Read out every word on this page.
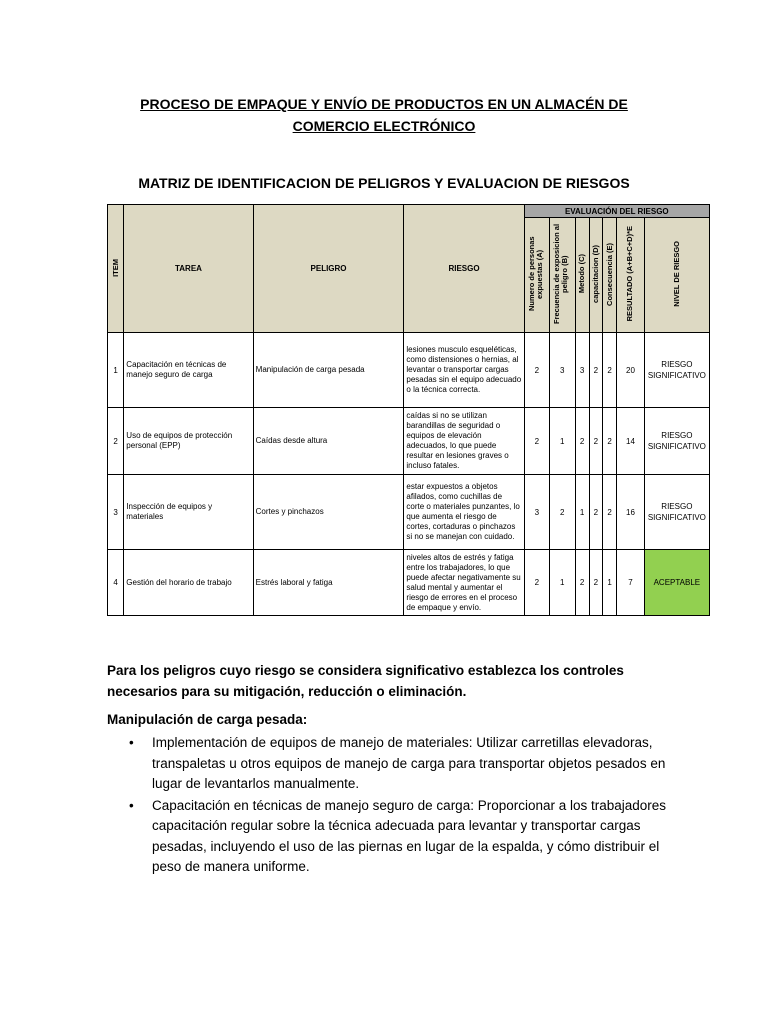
PROCESO DE EMPAQUE Y ENVÍO DE PRODUCTOS EN UN ALMACÉN DE COMERCIO ELECTRÓNICO
MATRIZ DE IDENTIFICACION DE PELIGROS Y EVALUACION DE RIESGOS
ITEM	TAREA	PELIGRO	RIESGO	EVALUACIÓN DEL RIESGO						
				Numero de personas expuestas (A)	Frecuencia de exposicion al peligro (B)	Metodo (C)	capacitacion (D)	Consecuencia (E)	RESULTADO (A+B+C+D)*E	NIVEL DE RIESGO
1	Capacitación en técnicas de manejo seguro de carga	Manipulación de carga pesada	lesiones musculo esqueléticas, como distensiones o hernias, al levantar o transportar cargas pesadas sin el equipo adecuado o la técnica correcta.	2	3	3	2	2	20	RIESGO SIGNIFICATIVO
2	Uso de equipos de protección personal (EPP)	Caídas desde altura	caídas si no se utilizan barandillas de seguridad o equipos de elevación adecuados, lo que puede resultar en lesiones graves o incluso fatales.	2	1	2	2	2	14	RIESGO SIGNIFICATIVO
3	Inspección de equipos y materiales	Cortes y pinchazos	estar expuestos a objetos afilados, como cuchillas de corte o materiales punzantes, lo que aumenta el riesgo de cortes, cortaduras o pinchazos si no se manejan con cuidado.	3	2	1	2	2	16	RIESGO SIGNIFICATIVO
4	Gestión del horario de trabajo	Estrés laboral y fatiga	niveles altos de estrés y fatiga entre los trabajadores, lo que puede afectar negativamente su salud mental y aumentar el riesgo de errores en el proceso de empaque y envío.	2	1	2	2	1	7	ACEPTABLE
Para los peligros cuyo riesgo se considera significativo establezca los controles necesarios para su mitigación, reducción o eliminación.
Manipulación de carga pesada:
• Implementación de equipos de manejo de materiales: Utilizar carretillas elevadoras, transpaletas u otros equipos de manejo de carga para transportar objetos pesados en lugar de levantarlos manualmente.
• Capacitación en técnicas de manejo seguro de carga: Proporcionar a los trabajadores capacitación regular sobre la técnica adecuada para levantar y transportar cargas pesadas, incluyendo el uso de las piernas en lugar de la espalda, y cómo distribuir el peso de manera uniforme.
